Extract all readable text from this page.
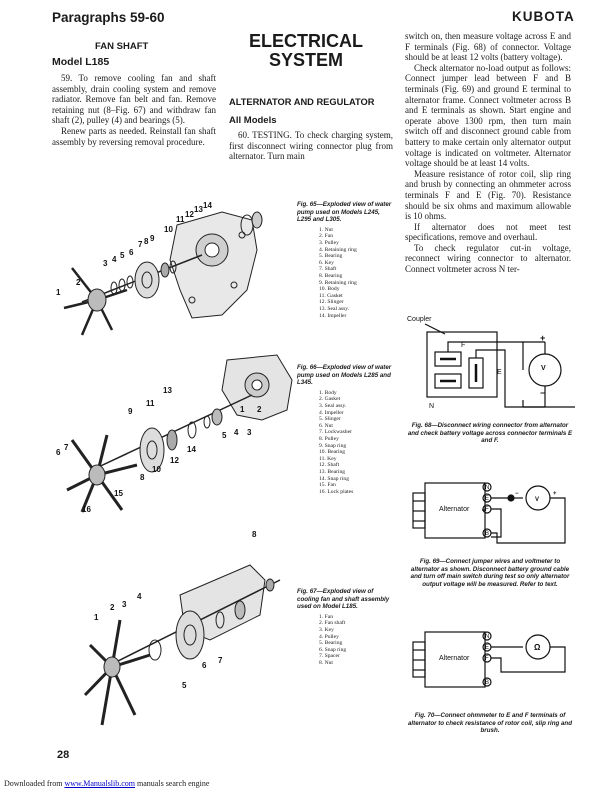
Paragraphs 59-60	KUBOTA
FAN SHAFT
Model L185

59. To remove cooling fan and shaft assembly, drain cooling system and remove radiator. Remove fan belt and fan. Remove retaining nut (8–Fig. 67) and withdraw fan shaft (2), pulley (4) and bearings (5).

Renew parts as needed. Reinstall fan shaft assembly by reversing removal procedure.

ELECTRICAL
SYSTEM
ALTERNATOR AND REGULATOR
All Models

60. TESTING. To check charging system, first disconnect wiring connector plug from alternator. Turn main

switch on, then measure voltage across E and F terminals (Fig. 68) of connector. Voltage should be at least 12 volts (battery voltage).

Check alternator no-load output as follows: Connect jumper lead between F and B terminals (Fig. 69) and ground E terminal to alternator frame. Connect voltmeter across B and E terminals as shown. Start engine and operate above 1300 rpm, then turn main switch off and disconnect ground cable from battery to make certain only alternator output voltage is indicated on voltmeter. Alternator voltage should be at least 14 volts.

Measure resistance of rotor coil, slip ring and brush by connecting an ohmmeter across terminals F and E (Fig. 70). Resistance should be six ohms and maximum allowable is 10 ohms.

If alternator does not meet test specifications, remove and overhaul.

To check regulator cut-in voltage, reconnect wiring connector to alternator. Connect voltmeter across N ter-

1
2
3 4 5 6
7 8 9
10
11
12
13 14	Fig. 65—Exploded view of water pump used on Models L245, L295 and L305.
1. Nut
2. Fan
3. Pulley
4. Retaining ring
5. Bearing
6. Key
7. Shaft
8. Bearing
9. Retaining ring
10. Body
11. Gasket
12. Slinger
13. Seal assy.
14. Impeller
1 2
3
4
5
6
7
8
9
10
11
12
13
14
15
16
Fig. 66—Exploded view of water pump used on Models L285 and L345.
1. Body
2. Gasket
3. Seal assy.
4. Impeller
5. Slinger
6. Nut
7. Lockwasher
8. Pulley
9. Snap ring
10. Bearing
11. Key
12. Shaft
13. Bearing
14. Snap ring
15. Fan
16. Lock plates
1
2 3
4
5
6
7
8
Fig. 67—Exploded view of cooling fan and shaft assembly used on Model L185.
1. Fan
2. Fan shaft
3. Key
4. Pulley
5. Bearing
6. Snap ring
7. Spacer
8. Nut
Coupler
F
E
N
V
+
−
Fig. 68—Disconnect wiring connector from alternator and check battery voltage across connector terminals E and F.
N
E
F
B
Alternator
V
−	+
Fig. 69—Connect jumper wires and voltmeter to alternator as shown. Disconnect battery ground cable and turn off main switch during test so only alternator output voltage will be measured. Refer to text.
N
E
F
B
Alternator
Ω
Fig. 70—Connect ohmmeter to E and F terminals of alternator to check resistance of rotor coil, slip ring and brush.
28
Downloaded from www.Manualslib.com manuals search engine
